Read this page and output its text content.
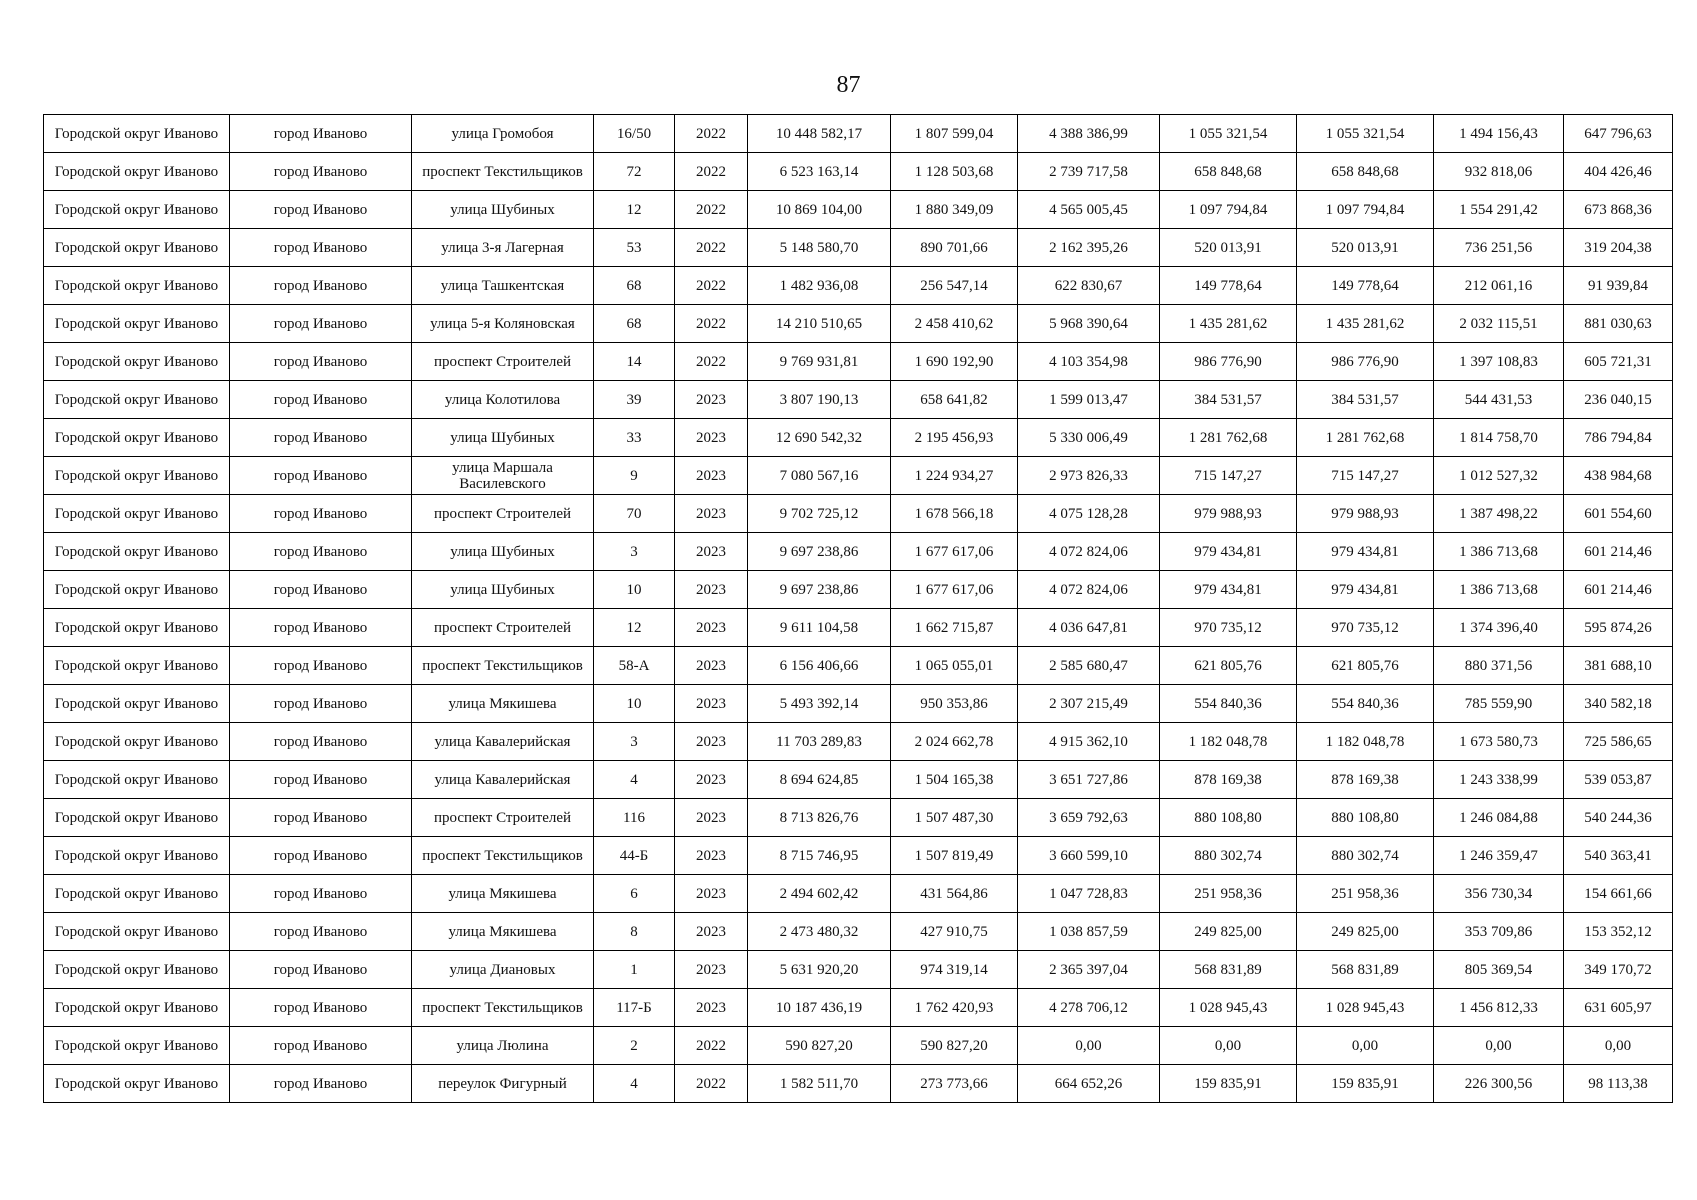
87
Городской округ Иваново	город Иваново	улица Громобоя	16/50	2022	10 448 582,17	1 807 599,04	4 388 386,99	1 055 321,54	1 055 321,54	1 494 156,43	647 796,63
Городской округ Иваново	город Иваново	проспект Текстильщиков	72	2022	6 523 163,14	1 128 503,68	2 739 717,58	658 848,68	658 848,68	932 818,06	404 426,46
Городской округ Иваново	город Иваново	улица Шубиных	12	2022	10 869 104,00	1 880 349,09	4 565 005,45	1 097 794,84	1 097 794,84	1 554 291,42	673 868,36
Городской округ Иваново	город Иваново	улица 3-я Лагерная	53	2022	5 148 580,70	890 701,66	2 162 395,26	520 013,91	520 013,91	736 251,56	319 204,38
Городской округ Иваново	город Иваново	улица Ташкентская	68	2022	1 482 936,08	256 547,14	622 830,67	149 778,64	149 778,64	212 061,16	91 939,84
Городской округ Иваново	город Иваново	улица 5-я Коляновская	68	2022	14 210 510,65	2 458 410,62	5 968 390,64	1 435 281,62	1 435 281,62	2 032 115,51	881 030,63
Городской округ Иваново	город Иваново	проспект Строителей	14	2022	9 769 931,81	1 690 192,90	4 103 354,98	986 776,90	986 776,90	1 397 108,83	605 721,31
Городской округ Иваново	город Иваново	улица Колотилова	39	2023	3 807 190,13	658 641,82	1 599 013,47	384 531,57	384 531,57	544 431,53	236 040,15
Городской округ Иваново	город Иваново	улица Шубиных	33	2023	12 690 542,32	2 195 456,93	5 330 006,49	1 281 762,68	1 281 762,68	1 814 758,70	786 794,84
Городской округ Иваново	город Иваново	улица Маршала Василевского	9	2023	7 080 567,16	1 224 934,27	2 973 826,33	715 147,27	715 147,27	1 012 527,32	438 984,68
Городской округ Иваново	город Иваново	проспект Строителей	70	2023	9 702 725,12	1 678 566,18	4 075 128,28	979 988,93	979 988,93	1 387 498,22	601 554,60
Городской округ Иваново	город Иваново	улица Шубиных	3	2023	9 697 238,86	1 677 617,06	4 072 824,06	979 434,81	979 434,81	1 386 713,68	601 214,46
Городской округ Иваново	город Иваново	улица Шубиных	10	2023	9 697 238,86	1 677 617,06	4 072 824,06	979 434,81	979 434,81	1 386 713,68	601 214,46
Городской округ Иваново	город Иваново	проспект Строителей	12	2023	9 611 104,58	1 662 715,87	4 036 647,81	970 735,12	970 735,12	1 374 396,40	595 874,26
Городской округ Иваново	город Иваново	проспект Текстильщиков	58-А	2023	6 156 406,66	1 065 055,01	2 585 680,47	621 805,76	621 805,76	880 371,56	381 688,10
Городской округ Иваново	город Иваново	улица Мякишева	10	2023	5 493 392,14	950 353,86	2 307 215,49	554 840,36	554 840,36	785 559,90	340 582,18
Городской округ Иваново	город Иваново	улица Кавалерийская	3	2023	11 703 289,83	2 024 662,78	4 915 362,10	1 182 048,78	1 182 048,78	1 673 580,73	725 586,65
Городской округ Иваново	город Иваново	улица Кавалерийская	4	2023	8 694 624,85	1 504 165,38	3 651 727,86	878 169,38	878 169,38	1 243 338,99	539 053,87
Городской округ Иваново	город Иваново	проспект Строителей	116	2023	8 713 826,76	1 507 487,30	3 659 792,63	880 108,80	880 108,80	1 246 084,88	540 244,36
Городской округ Иваново	город Иваново	проспект Текстильщиков	44-Б	2023	8 715 746,95	1 507 819,49	3 660 599,10	880 302,74	880 302,74	1 246 359,47	540 363,41
Городской округ Иваново	город Иваново	улица Мякишева	6	2023	2 494 602,42	431 564,86	1 047 728,83	251 958,36	251 958,36	356 730,34	154 661,66
Городской округ Иваново	город Иваново	улица Мякишева	8	2023	2 473 480,32	427 910,75	1 038 857,59	249 825,00	249 825,00	353 709,86	153 352,12
Городской округ Иваново	город Иваново	улица Диановых	1	2023	5 631 920,20	974 319,14	2 365 397,04	568 831,89	568 831,89	805 369,54	349 170,72
Городской округ Иваново	город Иваново	проспект Текстильщиков	117-Б	2023	10 187 436,19	1 762 420,93	4 278 706,12	1 028 945,43	1 028 945,43	1 456 812,33	631 605,97
Городской округ Иваново	город Иваново	улица Люлина	2	2022	590 827,20	590 827,20	0,00	0,00	0,00	0,00	0,00
Городской округ Иваново	город Иваново	переулок Фигурный	4	2022	1 582 511,70	273 773,66	664 652,26	159 835,91	159 835,91	226 300,56	98 113,38
